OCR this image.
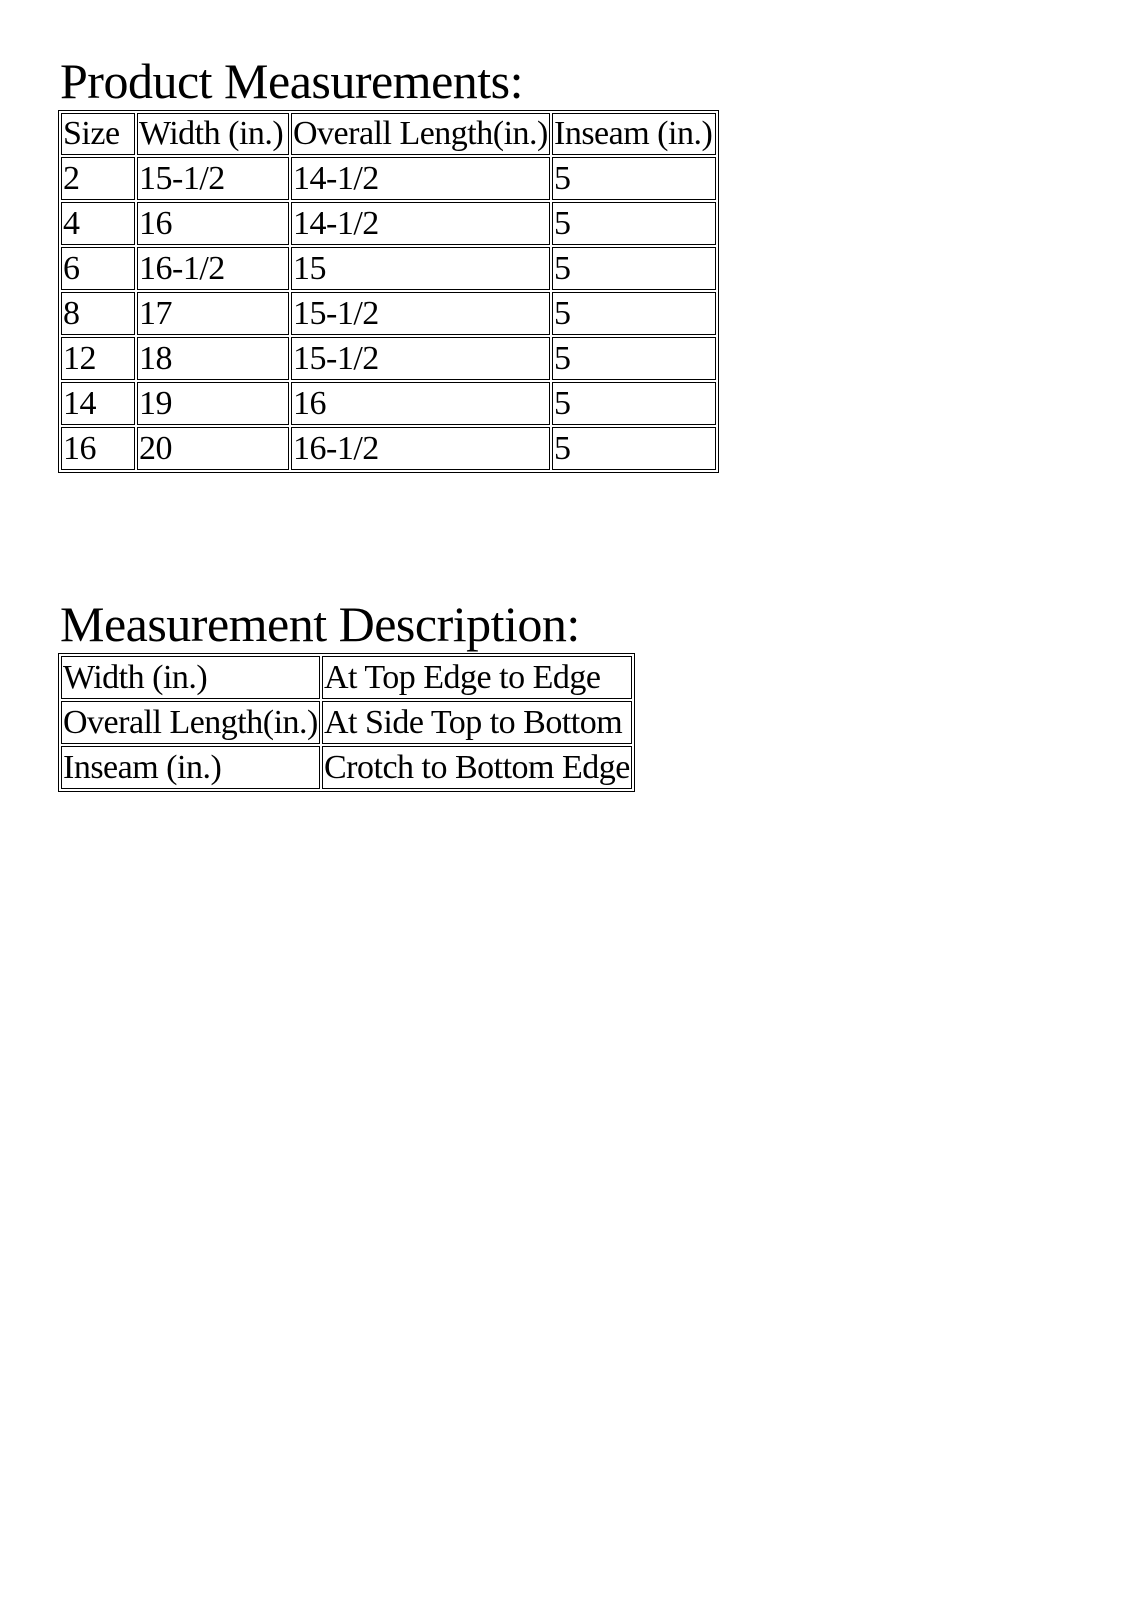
Product Measurements:
Size	Width (in.)	Overall Length(in.)	Inseam (in.)
2	15-1/2	14-1/2	5
4	16	14-1/2	5
6	16-1/2	15	5
8	17	15-1/2	5
12	18	15-1/2	5
14	19	16	5
16	20	16-1/2	5
Measurement Description:
Width (in.)	At Top Edge to Edge
Overall Length(in.)	At Side Top to Bottom
Inseam (in.)	Crotch to Bottom Edge
